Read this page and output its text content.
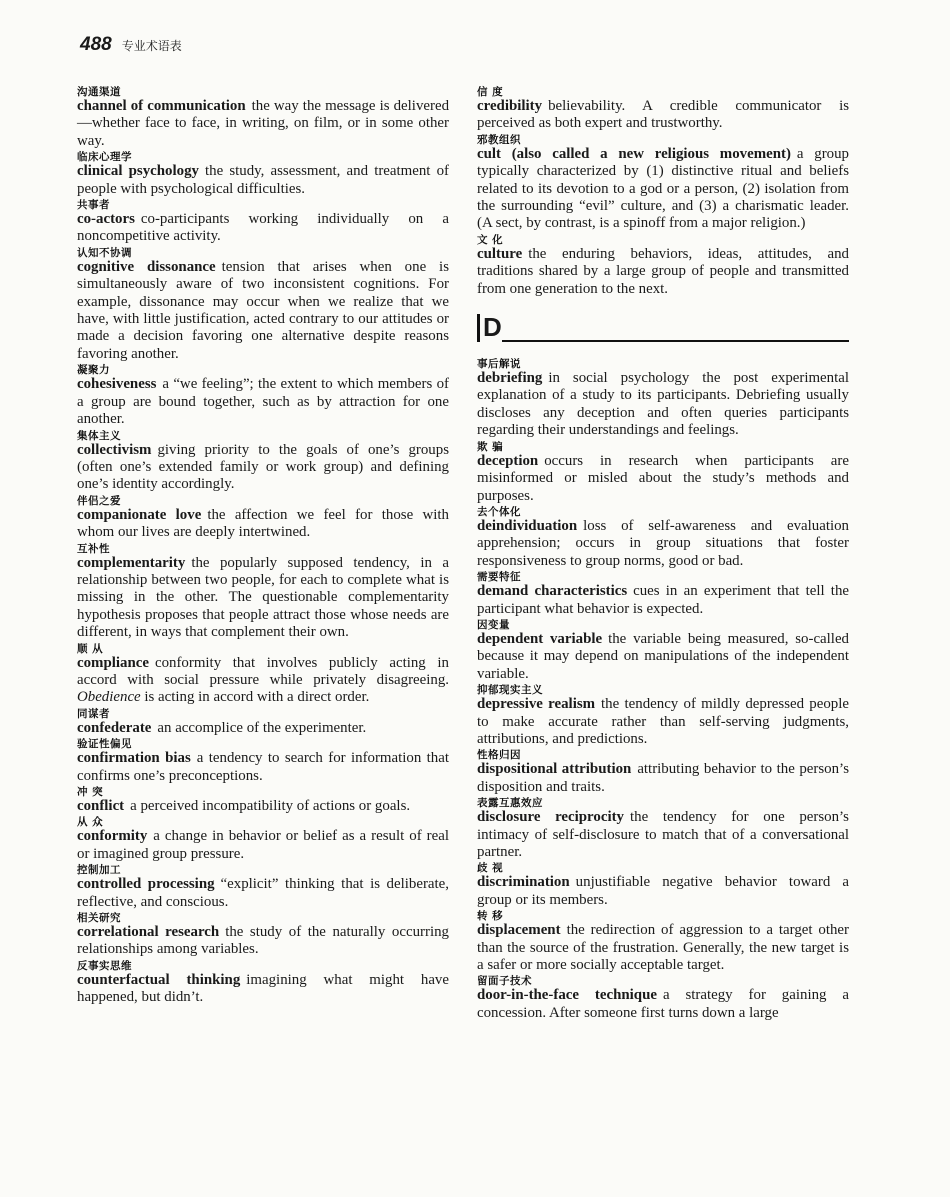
488 专业术语表
沟通渠道
channel of communication the way the message is delivered—whether face to face, in writing, on film, or in some other way.
临床心理学
clinical psychology the study, assessment, and treatment of people with psychological difficulties.
共事者
co-actors co-participants working individually on a noncompetitive activity.
认知不协调
cognitive dissonance tension that arises when one is simultaneously aware of two inconsistent cognitions. For example, dissonance may occur when we realize that we have, with little justification, acted contrary to our attitudes or made a decision favoring one alternative despite reasons favoring another.
凝聚力
cohesiveness a “we feeling”; the extent to which members of a group are bound together, such as by attraction for one another.
集体主义
collectivism giving priority to the goals of one’s groups (often one’s extended family or work group) and defining one’s identity accordingly.
伴侣之爱
companionate love the affection we feel for those with whom our lives are deeply intertwined.
互补性
complementarity the popularly supposed tendency, in a relationship between two people, for each to complete what is missing in the other. The questionable complementarity hypothesis proposes that people attract those whose needs are different, in ways that complement their own.
顺 从
compliance conformity that involves publicly acting in accord with social pressure while privately disagreeing. Obedience is acting in accord with a direct order.
同谋者
confederate an accomplice of the experimenter.
验证性偏见
confirmation bias a tendency to search for information that confirms one’s preconceptions.
冲 突
conflict a perceived incompatibility of actions or goals.
从 众
conformity a change in behavior or belief as a result of real or imagined group pressure.
控制加工
controlled processing “explicit” thinking that is deliberate, reflective, and conscious.
相关研究
correlational research the study of the naturally occurring relationships among variables.
反事实思维
counterfactual thinking imagining what might have happened, but didn’t.
信 度
credibility believability. A credible communicator is perceived as both expert and trustworthy.
邪教组织
cult (also called a new religious movement) a group typically characterized by (1) distinctive ritual and beliefs related to its devotion to a god or a person, (2) isolation from the surrounding “evil” culture, and (3) a charismatic leader. (A sect, by contrast, is a spinoff from a major religion.)
文 化
culture the enduring behaviors, ideas, attitudes, and traditions shared by a large group of people and transmitted from one generation to the next.
D
事后解说
debriefing in social psychology the post experimental explanation of a study to its participants. Debriefing usually discloses any deception and often queries participants regarding their understandings and feelings.
欺 骗
deception occurs in research when participants are misinformed or misled about the study’s methods and purposes.
去个体化
deindividuation loss of self-awareness and evaluation apprehension; occurs in group situations that foster responsiveness to group norms, good or bad.
需要特征
demand characteristics cues in an experiment that tell the participant what behavior is expected.
因变量
dependent variable the variable being measured, so-called because it may depend on manipulations of the independent variable.
抑郁现实主义
depressive realism the tendency of mildly depressed people to make accurate rather than self-serving judgments, attributions, and predictions.
性格归因
dispositional attribution attributing behavior to the person’s disposition and traits.
表露互惠效应
disclosure reciprocity the tendency for one person’s intimacy of self-disclosure to match that of a conversational partner.
歧 视
discrimination unjustifiable negative behavior toward a group or its members.
转 移
displacement the redirection of aggression to a target other than the source of the frustration. Generally, the new target is a safer or more socially acceptable target.
留面子技术
door-in-the-face technique a strategy for gaining a concession. After someone first turns down a large
